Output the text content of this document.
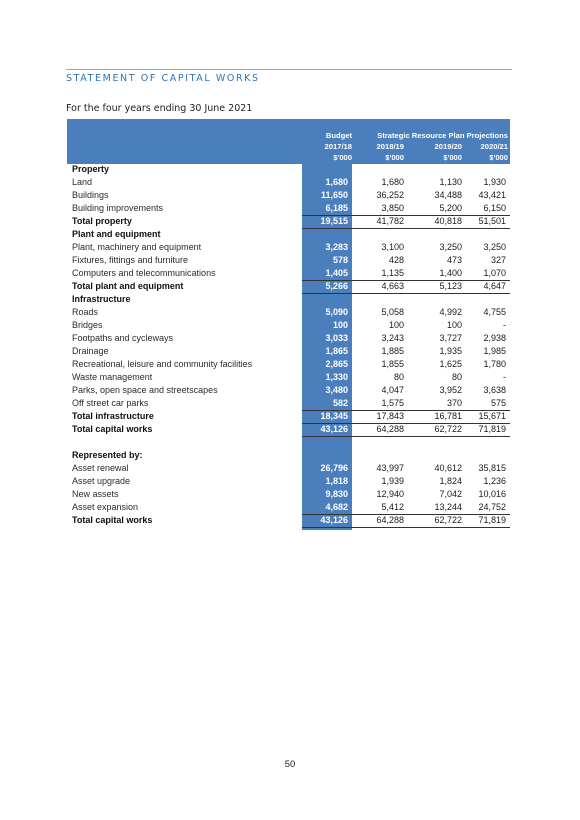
STATEMENT OF CAPITAL WORKS
For the four years ending 30 June 2021
Budget	Strategic Resource Plan Projections
2017/18	2018/19	2019/20	2020/21
$'000	$'000	$'000	$'000
Property
Land	1,680	1,680	1,130	1,930
Buildings	11,650	36,252	34,488	43,421
Building improvements	6,185	3,850	5,200	6,150
Total property	19,515	41,782	40,818	51,501
Plant and equipment
Plant, machinery and equipment	3,283	3,100	3,250	3,250
Fixtures, fittings and furniture	578	428	473	327
Computers and telecommunications	1,405	1,135	1,400	1,070
Total plant and equipment	5,266	4,663	5,123	4,647
Infrastructure
Roads	5,090	5,058	4,992	4,755
Bridges	100	100	100	-
Footpaths and cycleways	3,033	3,243	3,727	2,938
Drainage	1,865	1,885	1,935	1,985
Recreational, leisure and community facilities	2,865	1,855	1,625	1,780
Waste management	1,330	80	80	-
Parks, open space and streetscapes	3,480	4,047	3,952	3,638
Off street car parks	582	1,575	370	575
Total infrastructure	18,345	17,843	16,781	15,671
Total capital works	43,126	64,288	62,722	71,819
Represented by:
Asset renewal	26,796	43,997	40,612	35,815
Asset upgrade	1,818	1,939	1,824	1,236
New assets	9,830	12,940	7,042	10,016
Asset expansion	4,682	5,412	13,244	24,752
Total capital works	43,126	64,288	62,722	71,819
50
